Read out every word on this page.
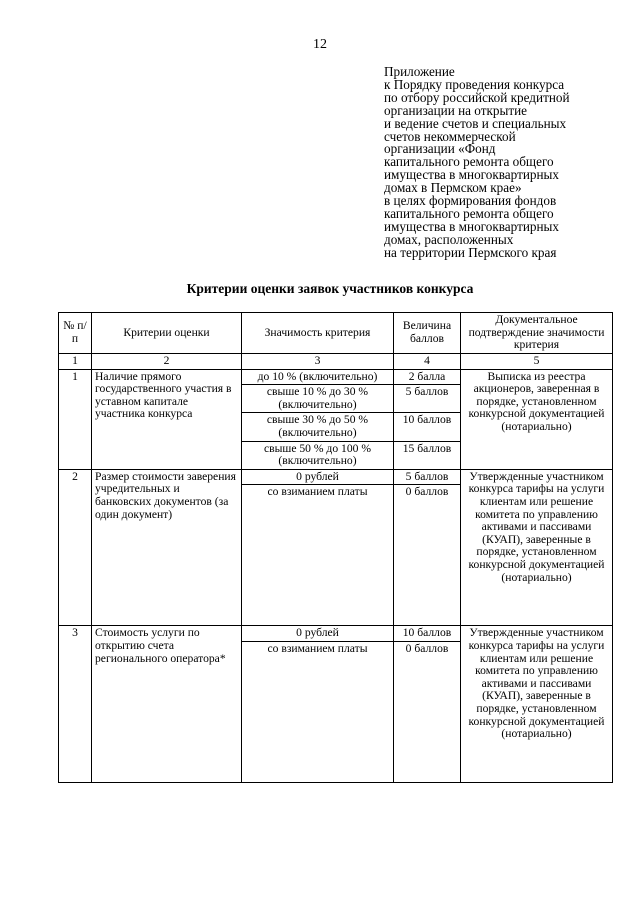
12
Приложение
к Порядку проведения конкурса
по отбору российской кредитной
организации на открытие
и ведение счетов и специальных
счетов некоммерческой
организации «Фонд
капитального ремонта общего
имущества в многоквартирных
домах в Пермском крае»
в целях формирования фондов
капитального ремонта общего
имущества в многоквартирных
домах, расположенных
на территории Пермского края
Критерии оценки заявок участников конкурса
№ п/п	Критерии оценки	Значимость критерия	Величина баллов	Документальное подтверждение значимости критерия
1	2	3	4	5
1	Наличие прямого государственного участия в уставном капитале участника конкурса	до 10 % (включительно)	2 балла	Выписка из реестра акционеров, заверенная в порядке, установленном конкурсной документацией (нотариально)
		свыше 10 % до 30 % (включительно)	5 баллов	
		свыше 30 % до 50 % (включительно)	10 баллов	
		свыше 50 % до 100 % (включительно)	15 баллов	
2	Размер стоимости заверения учредительных и банковских документов (за один документ)	0 рублей	5 баллов	Утвержденные участником конкурса тарифы на услуги клиентам или решение комитета по управлению активами и пассивами (КУАП), заверенные в порядке, установленном конкурсной документацией (нотариально)
		со взиманием платы	0 баллов	
3	Стоимость услуги по открытию счета регионального оператора*	0 рублей	10 баллов	Утвержденные участником конкурса тарифы на услуги клиентам или решение комитета по управлению активами и пассивами (КУАП), заверенные в порядке, установленном конкурсной документацией (нотариально)
		со взиманием платы	0 баллов	
